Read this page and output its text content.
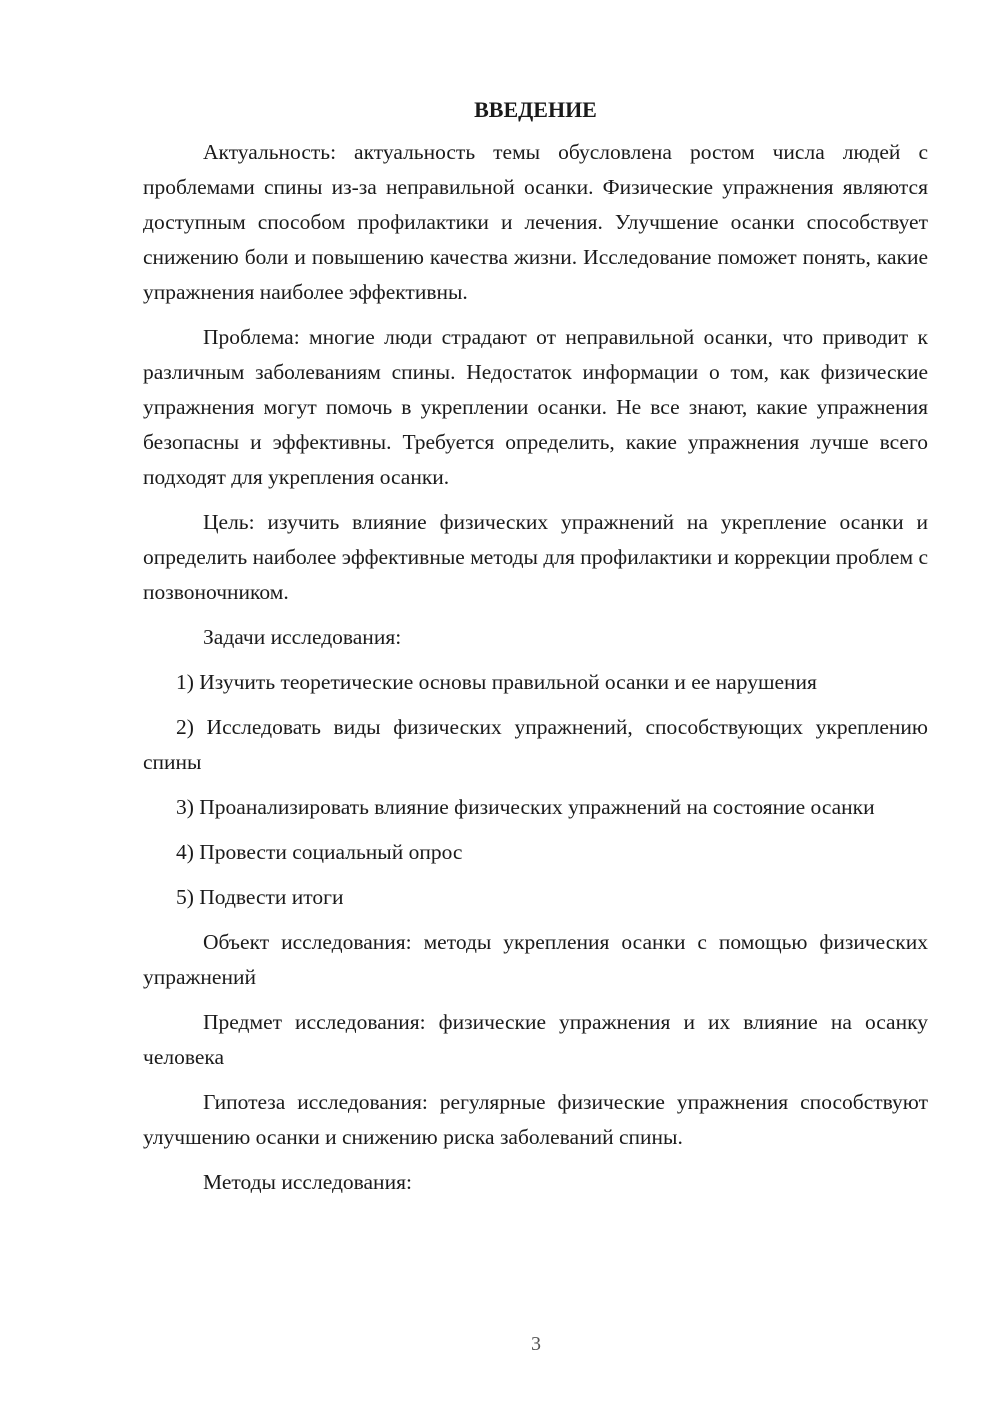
ВВЕДЕНИЕ

Актуальность: актуальность темы обусловлена ростом числа людей с проблемами спины из-за неправильной осанки. Физические упражнения являются доступным способом профилактики и лечения. Улучшение осанки способствует снижению боли и повышению качества жизни. Исследование поможет понять, какие упражнения наиболее эффективны.

Проблема: многие люди страдают от неправильной осанки, что приводит к различным заболеваниям спины. Недостаток информации о том, как физические упражнения могут помочь в укреплении осанки. Не все знают, какие упражнения безопасны и эффективны. Требуется определить, какие упражнения лучше всего подходят для укрепления осанки.

Цель: изучить влияние физических упражнений на укрепление осанки и определить наиболее эффективные методы для профилактики и коррекции проблем с позвоночником.

Задачи исследования:

1) Изучить теоретические основы правильной осанки и ее нарушения

2) Исследовать виды физических упражнений, способствующих укреплению спины

3) Проанализировать влияние физических упражнений на состояние осанки

4) Провести социальный опрос

5) Подвести итоги

Объект исследования: методы укрепления осанки с помощью физических упражнений

Предмет исследования: физические упражнения и их влияние на осанку человека

Гипотеза исследования: регулярные физические упражнения способствуют улучшению осанки и снижению риска заболеваний спины.

Методы исследования:

3
